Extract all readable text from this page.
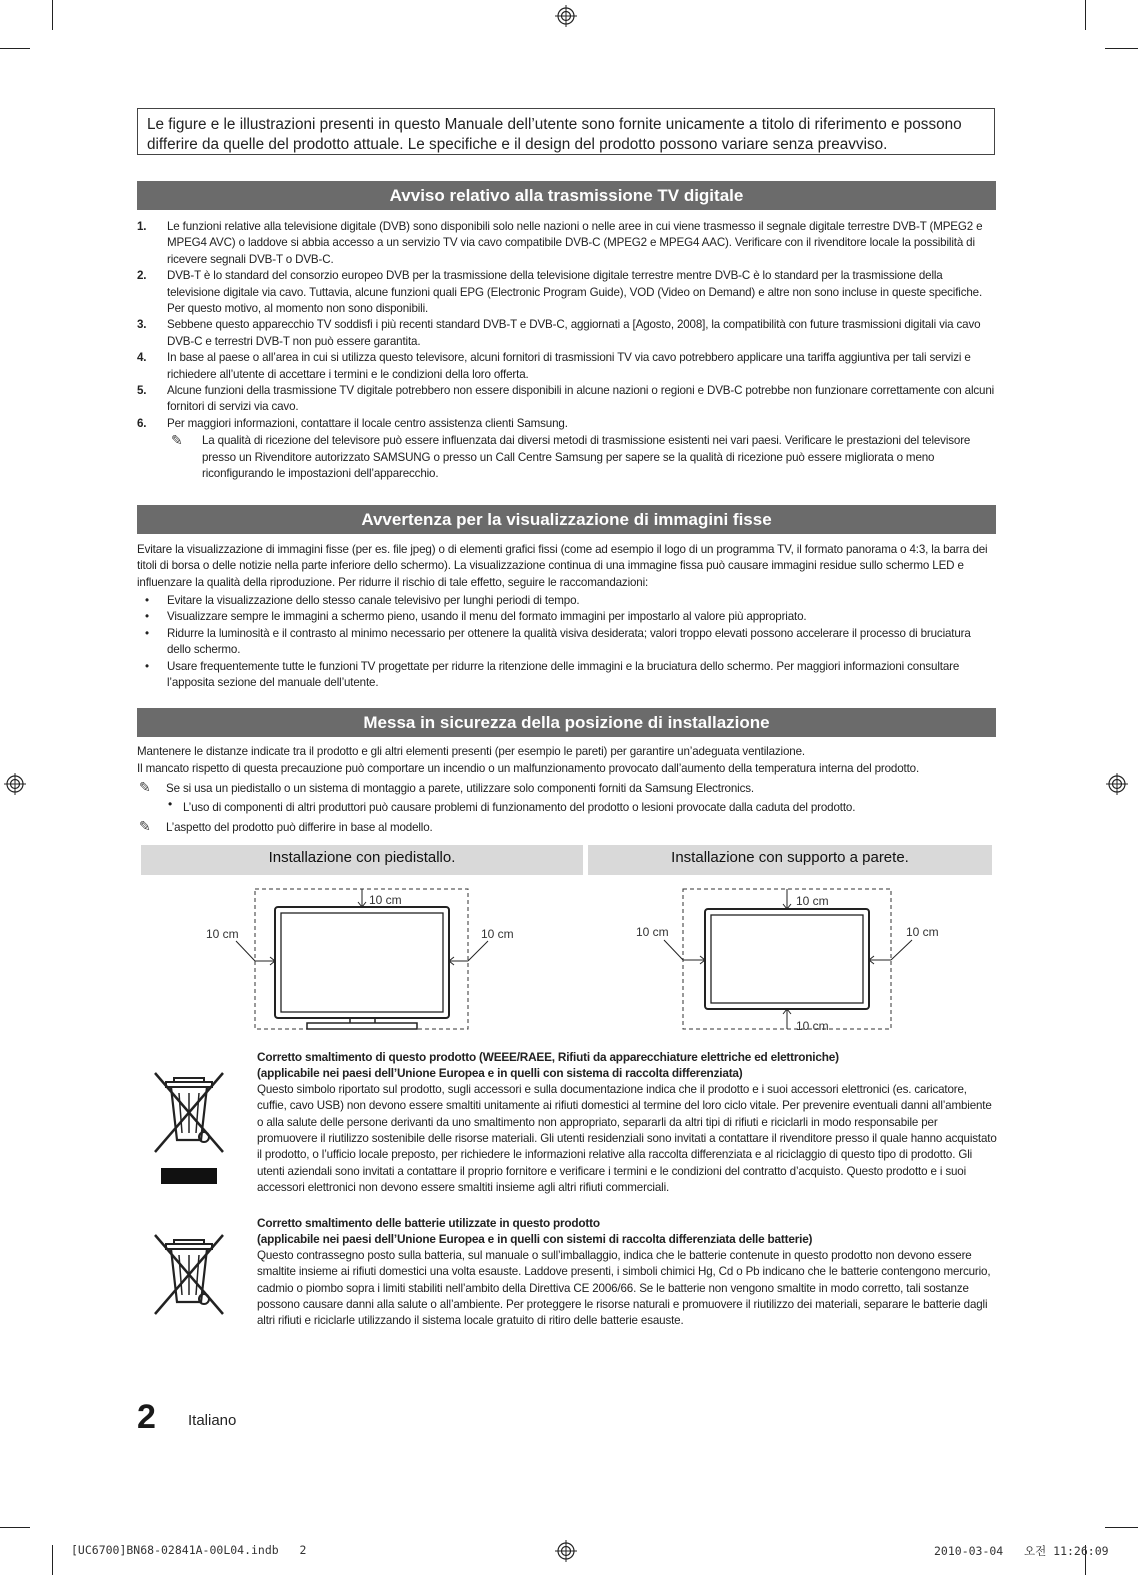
Le figure e le illustrazioni presenti in questo Manuale dell’utente sono fornite unicamente a titolo di riferimento e possono differire da quelle del prodotto attuale. Le specifiche e il design del prodotto possono variare senza preavviso.
Avviso relativo alla trasmissione TV digitale
1. Le funzioni relative alla televisione digitale (DVB) sono disponibili solo nelle nazioni o nelle aree in cui viene trasmesso il segnale digitale terrestre DVB-T (MPEG2 e MPEG4 AVC) o laddove si abbia accesso a un servizio TV via cavo compatibile DVB-C (MPEG2 e MPEG4 AAC). Verificare con il rivenditore locale la possibilità di ricevere segnali DVB-T o DVB-C.
2. DVB-T è lo standard del consorzio europeo DVB per la trasmissione della televisione digitale terrestre mentre DVB-C è lo standard per la trasmissione della televisione digitale via cavo. Tuttavia, alcune funzioni quali EPG (Electronic Program Guide), VOD (Video on Demand) e altre non sono incluse in queste specifiche. Per questo motivo, al momento non sono disponibili.
3. Sebbene questo apparecchio TV soddisfi i più recenti standard DVB-T e DVB-C, aggiornati a [Agosto, 2008], la compatibilità con future trasmissioni digitali via cavo DVB-C e terrestri DVB-T non può essere garantita.
4. In base al paese o all’area in cui si utilizza questo televisore, alcuni fornitori di trasmissioni TV via cavo potrebbero applicare una tariffa aggiuntiva per tali servizi e richiedere all’utente di accettare i termini e le condizioni della loro offerta.
5. Alcune funzioni della trasmissione TV digitale potrebbero non essere disponibili in alcune nazioni o regioni e DVB-C potrebbe non funzionare correttamente con alcuni fornitori di servizi via cavo.
6. Per maggiori informazioni, contattare il locale centro assistenza clienti Samsung.
✎ La qualità di ricezione del televisore può essere influenzata dai diversi metodi di trasmissione esistenti nei vari paesi. Verificare le prestazioni del televisore presso un Rivenditore autorizzato SAMSUNG o presso un Call Centre Samsung per sapere se la qualità di ricezione può essere migliorata o meno riconfigurando le impostazioni dell’apparecchio.
Avvertenza per la visualizzazione di immagini fisse
Evitare la visualizzazione di immagini fisse (per es. file jpeg) o di elementi grafici fissi (come ad esempio il logo di un programma TV, il formato panorama o 4:3, la barra dei titoli di borsa o delle notizie nella parte inferiore dello schermo). La visualizzazione continua di una immagine fissa può causare immagini residue sullo schermo LED e influenzare la qualità della riproduzione. Per ridurre il rischio di tale effetto, seguire le raccomandazioni:
• Evitare la visualizzazione dello stesso canale televisivo per lunghi periodi di tempo.
• Visualizzare sempre le immagini a schermo pieno, usando il menu del formato immagini per impostarlo al valore più appropriato.
• Ridurre la luminosità e il contrasto al minimo necessario per ottenere la qualità visiva desiderata; valori troppo elevati possono accelerare il processo di bruciatura dello schermo.
• Usare frequentemente tutte le funzioni TV progettate per ridurre la ritenzione delle immagini e la bruciatura dello schermo. Per maggiori informazioni consultare l’apposita sezione del manuale dell’utente.
Messa in sicurezza della posizione di installazione
Mantenere le distanze indicate tra il prodotto e gli altri elementi presenti (per esempio le pareti) per garantire un’adeguata ventilazione.
Il mancato rispetto di questa precauzione può comportare un incendio o un malfunzionamento provocato dall’aumento della temperatura interna del prodotto.
✎ Se si usa un piedistallo o un sistema di montaggio a parete, utilizzare solo componenti forniti da Samsung Electronics.
• L’uso di componenti di altri produttori può causare problemi di funzionamento del prodotto o lesioni provocate dalla caduta del prodotto.
✎ L’aspetto del prodotto può differire in base al modello.
Installazione con piedistallo.	Installazione con supporto a parete.
10 cm
10 cm	10 cm
10 cm
10 cm	10 cm
10 cm
Corretto smaltimento di questo prodotto (WEEE/RAEE, Rifiuti da apparecchiature elettriche ed elettroniche)
(applicabile nei paesi dell’Unione Europea e in quelli con sistema di raccolta differenziata)
Questo simbolo riportato sul prodotto, sugli accessori e sulla documentazione indica che il prodotto e i suoi accessori elettronici (es. caricatore, cuffie, cavo USB) non devono essere smaltiti unitamente ai rifiuti domestici al termine del loro ciclo vitale. Per prevenire eventuali danni all’ambiente o alla salute delle persone derivanti da uno smaltimento non appropriato, separarli da altri tipi di rifiuti e riciclarli in modo responsabile per promuovere il riutilizzo sostenibile delle risorse materiali. Gli utenti residenziali sono invitati a contattare il rivenditore presso il quale hanno acquistato il prodotto, o l’ufficio locale preposto, per richiedere le informazioni relative alla raccolta differenziata e al riciclaggio di questo tipo di prodotto. Gli utenti aziendali sono invitati a contattare il proprio fornitore e verificare i termini e le condizioni del contratto d’acquisto. Questo prodotto e i suoi accessori elettronici non devono essere smaltiti insieme agli altri rifiuti commerciali.
Corretto smaltimento delle batterie utilizzate in questo prodotto
(applicabile nei paesi dell’Unione Europea e in quelli con sistemi di raccolta differenziata delle batterie)
Questo contrassegno posto sulla batteria, sul manuale o sull’imballaggio, indica che le batterie contenute in questo prodotto non devono essere smaltite insieme ai rifiuti domestici una volta esauste. Laddove presenti, i simboli chimici Hg, Cd o Pb indicano che le batterie contengono mercurio, cadmio o piombo sopra i limiti stabiliti nell’ambito della Direttiva CE 2006/66. Se le batterie non vengono smaltite in modo corretto, tali sostanze possono causare danni alla salute o all’ambiente. Per proteggere le risorse naturali e promuovere il riutilizzo dei materiali, separare le batterie dagli altri rifiuti e riciclarle utilizzando il sistema locale gratuito di ritiro delle batterie esauste.
2 Italiano
[UC6700]BN68-02841A-00L04.indb   2	2010-03-04   오전 11:26:09
